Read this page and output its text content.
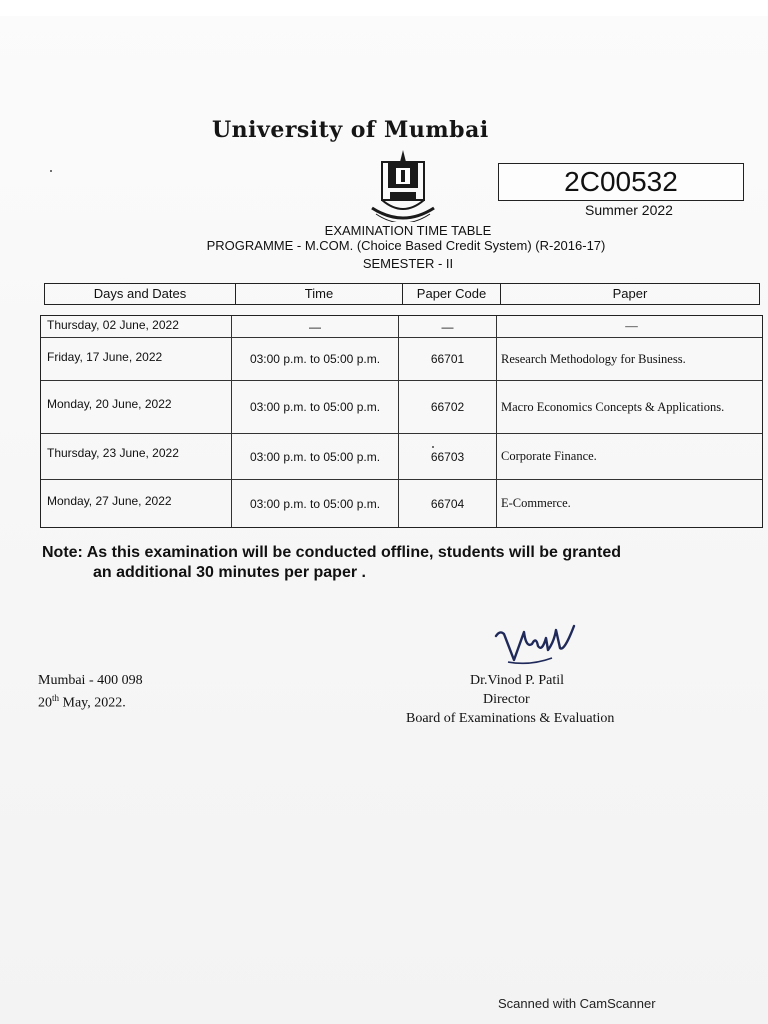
University of Mumbai
2C00532
Summer 2022
EXAMINATION TIME TABLE
PROGRAMME - M.COM. (Choice Based Credit System) (R-2016-17)
SEMESTER - II
Days and Dates	Time	Paper Code	Paper
Thursday, 02 June, 2022	—	—	—
Friday, 17 June, 2022	03:00 p.m. to 05:00 p.m.	66701	Research Methodology for Business.
Monday, 20 June, 2022	03:00 p.m. to 05:00 p.m.	66702	Macro Economics Concepts & Applications.
Thursday, 23 June, 2022	03:00 p.m. to 05:00 p.m.	66703	Corporate Finance.
Monday, 27 June, 2022	03:00 p.m. to 05:00 p.m.	66704	E-Commerce.
Note: As this examination will be conducted offline, students will be granted
an additional 30 minutes per paper .
Mumbai - 400 098
20th May, 2022.
Dr.Vinod P. Patil
Director
Board of Examinations & Evaluation
Scanned with CamScanner
